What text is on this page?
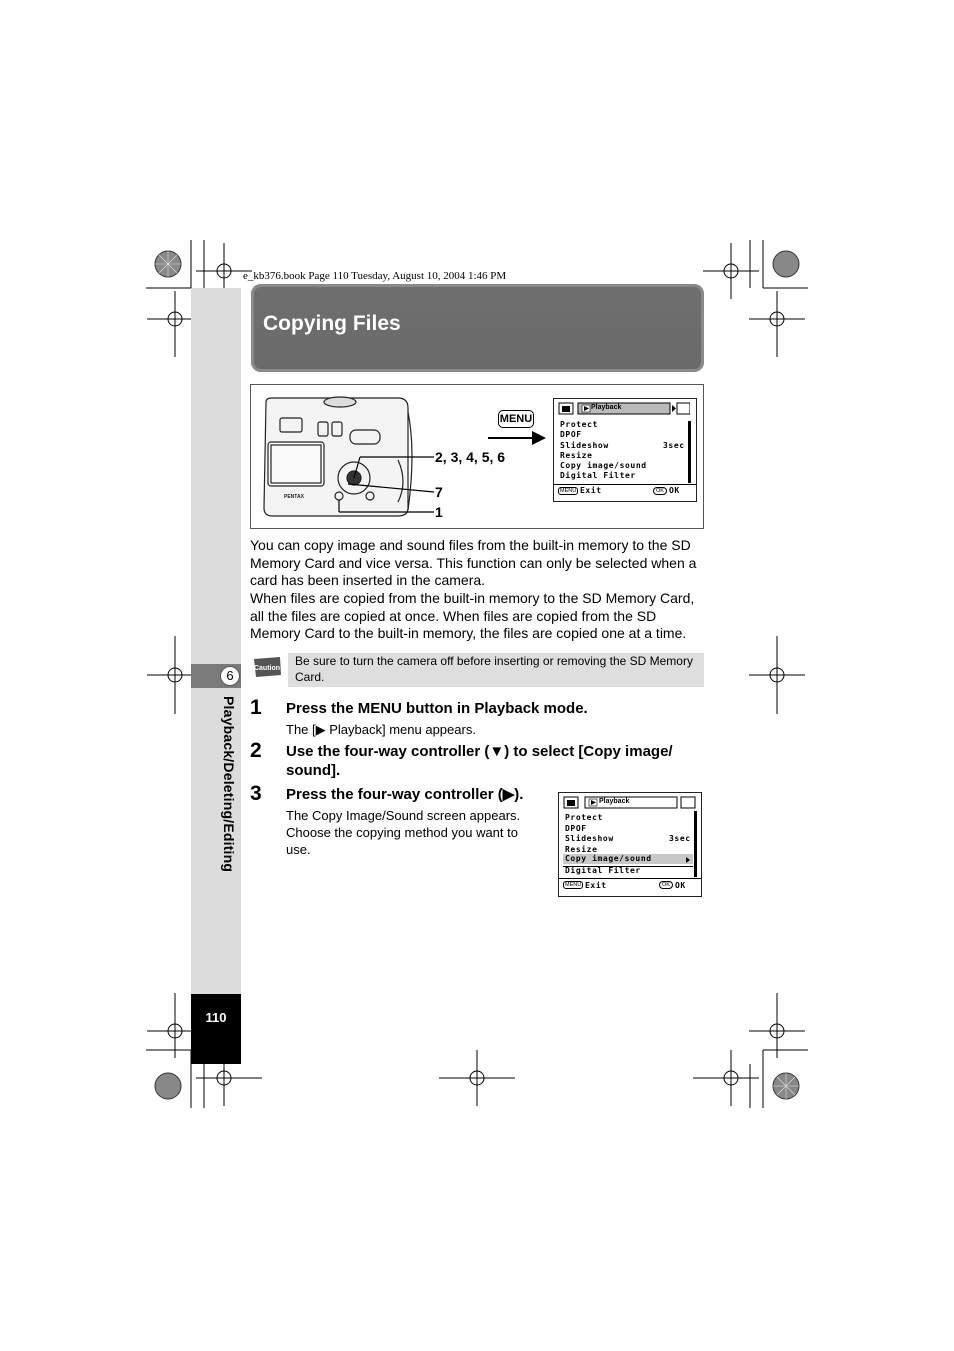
e_kb376.book Page 110 Tuesday, August 10, 2004 1:46 PM
6
Playback/Deleting/Editing
110
Copying Files
PENTAX
2, 3, 4, 5, 6
7
1
MENU
Playback
Protect
DPOF
Slideshow	3sec
Resize
Copy image/sound
Digital Filter
MENU Exit	OK OK
You can copy image and sound files from the built-in memory to the SD Memory Card and vice versa. This function can only be selected when a card has been inserted in the camera.
When files are copied from the built-in memory to the SD Memory Card, all the files are copied at once. When files are copied from the SD Memory Card to the built-in memory, the files are copied one at a time.
Caution
Be sure to turn the camera off before inserting or removing the SD Memory Card.
1 Press the MENU button in Playback mode.
The [▶ Playback] menu appears.
2 Use the four-way controller (▼) to select [Copy image/ sound].
3 Press the four-way controller (▶).
The Copy Image/Sound screen appears. Choose the copying method you want to use.
Playback
Protect
DPOF
Slideshow	3sec
Resize
Copy image/sound
Digital Filter
MENU Exit	OK OK
